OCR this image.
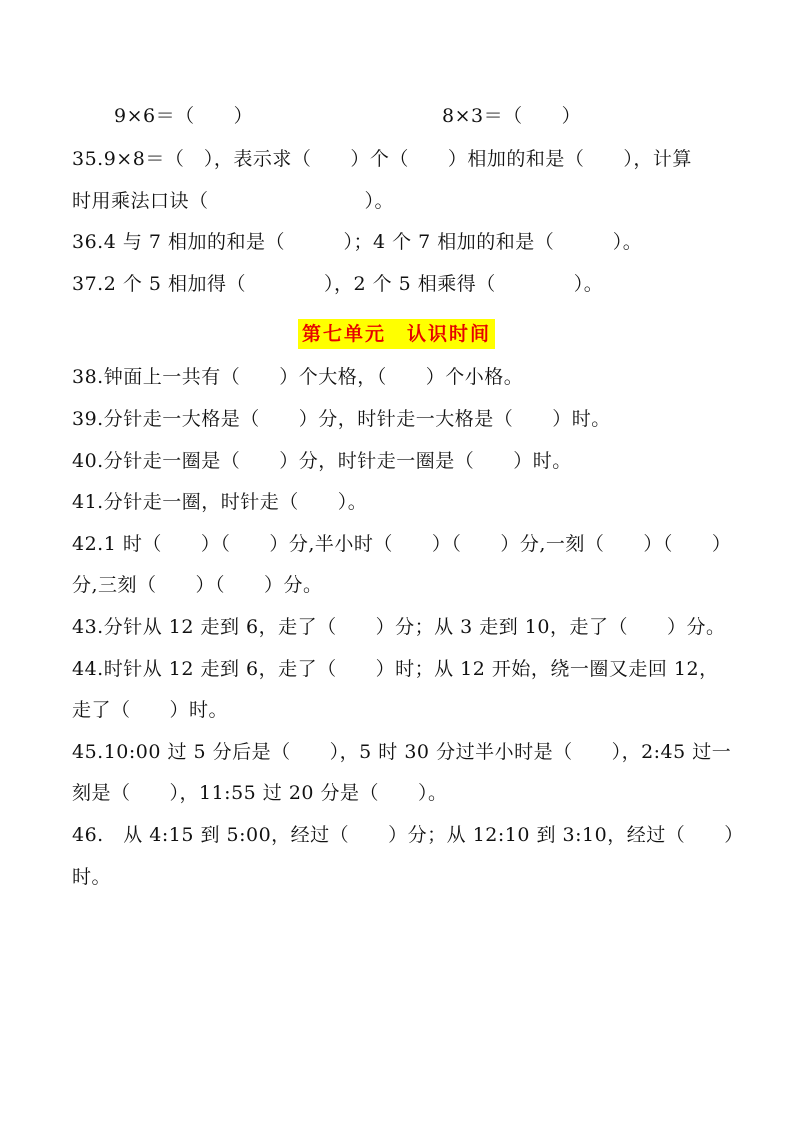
9×6＝（　　）	8×3＝（　　）
35.9×8＝（　），表示求（　　）个（　　）相加的和是（　　），计算
时用乘法口诀（　　　　　　　　）。
36.4 与 7 相加的和是（　　　）；4 个 7 相加的和是（　　　）。
37.2 个 5 相加得（　　　　），2 个 5 相乘得（　　　　）。
第七单元　认识时间
38.钟面上一共有（　　）个大格，（　　）个小格。
39.分针走一大格是（　　）分，时针走一大格是（　　）时。
40.分针走一圈是（　　）分，时针走一圈是（　　）时。
41.分针走一圈，时针走（　　）。
42.1 时（　　）（　　）分,半小时（　　）（　　）分,一刻（　　）（　　）
分,三刻（　　）（　　）分。
43.分针从 12 走到 6，走了（　　）分；从 3 走到 10，走了（　　）分。
44.时针从 12 走到 6，走了（　　）时；从 12 开始，绕一圈又走回 12，
走了（　　）时。
45.10:00 过 5 分后是（　　），5 时 30 分过半小时是（　　），2:45 过一
刻是（　　），11:55 过 20 分是（　　）。
46.　从 4:15 到 5:00，经过（　　）分；从 12:10 到 3:10，经过（　　）
时。
